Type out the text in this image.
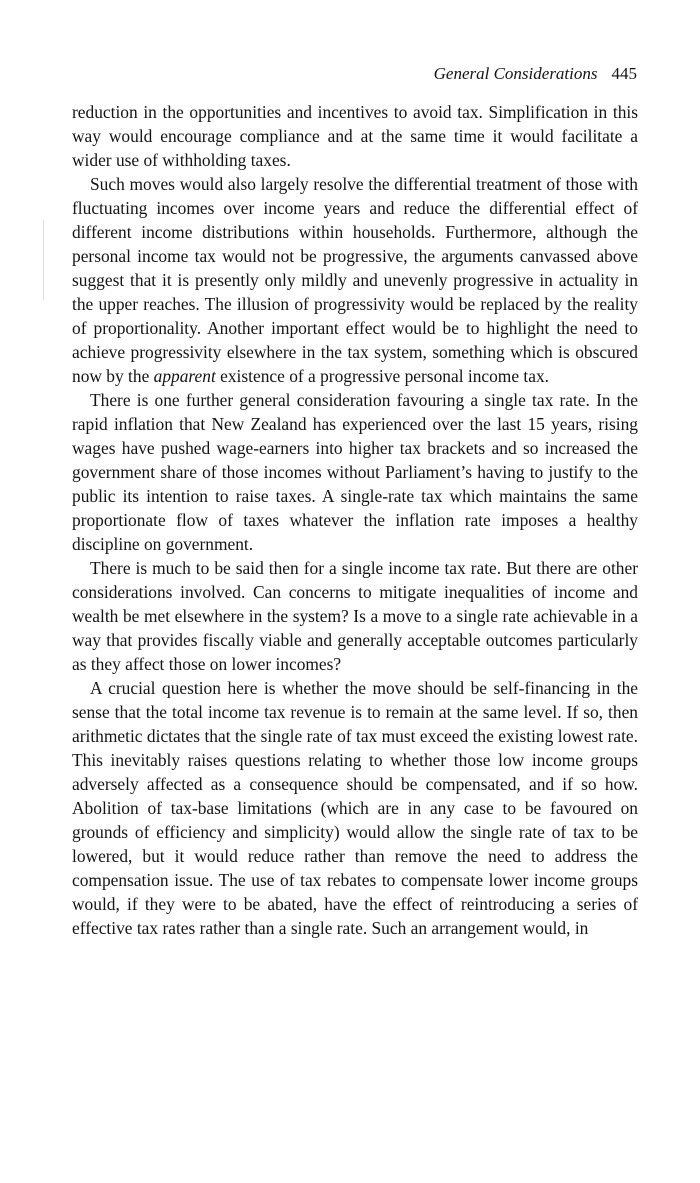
General Considerations 445

reduction in the opportunities and incentives to avoid tax. Simplification in this way would encourage compliance and at the same time it would facilitate a wider use of withholding taxes.

Such moves would also largely resolve the differential treatment of those with fluctuating incomes over income years and reduce the differential effect of different income distributions within households. Furthermore, although the personal income tax would not be progressive, the arguments canvassed above suggest that it is presently only mildly and unevenly progressive in actuality in the upper reaches. The illusion of progressivity would be replaced by the reality of proportionality. Another important effect would be to highlight the need to achieve progressivity elsewhere in the tax system, something which is obscured now by the apparent existence of a progressive personal income tax.

There is one further general consideration favouring a single tax rate. In the rapid inflation that New Zealand has experienced over the last 15 years, rising wages have pushed wage-earners into higher tax brackets and so increased the government share of those incomes without Parliament’s having to justify to the public its intention to raise taxes. A single-rate tax which maintains the same proportionate flow of taxes whatever the inflation rate imposes a healthy discipline on government.

There is much to be said then for a single income tax rate. But there are other considerations involved. Can concerns to mitigate inequalities of income and wealth be met elsewhere in the system? Is a move to a single rate achievable in a way that provides fiscally viable and generally acceptable outcomes particularly as they affect those on lower incomes?

A crucial question here is whether the move should be self-financing in the sense that the total income tax revenue is to remain at the same level. If so, then arithmetic dictates that the single rate of tax must exceed the existing lowest rate. This inevitably raises questions relating to whether those low income groups adversely affected as a consequence should be compensated, and if so how. Abolition of tax-base limitations (which are in any case to be favoured on grounds of efficiency and simplicity) would allow the single rate of tax to be lowered, but it would reduce rather than remove the need to address the compensation issue. The use of tax rebates to compensate lower income groups would, if they were to be abated, have the effect of reintroducing a series of effective tax rates rather than a single rate. Such an arrangement would, in
